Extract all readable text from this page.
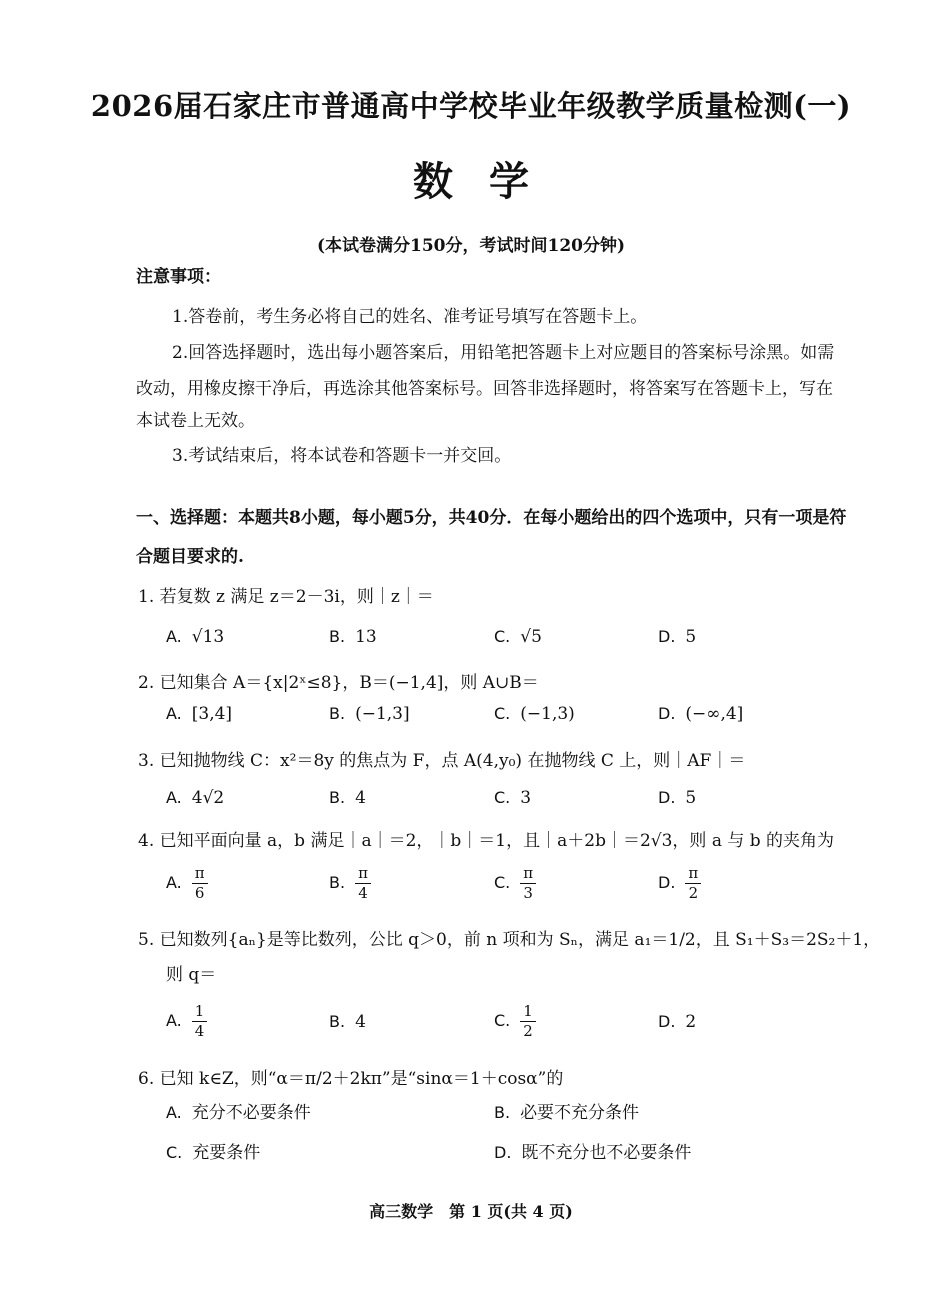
2026届石家庄市普通高中学校毕业年级教学质量检测(一)
数学
(本试卷满分150分，考试时间120分钟)
注意事项：
1.答卷前，考生务必将自己的姓名、准考证号填写在答题卡上。
2.回答选择题时，选出每小题答案后，用铅笔把答题卡上对应题目的答案标号涂黑。如需
改动，用橡皮擦干净后，再选涂其他答案标号。回答非选择题时，将答案写在答题卡上，写在
本试卷上无效。
3.考试结束后，将本试卷和答题卡一并交回。
一、选择题：本题共8小题，每小题5分，共40分．在每小题给出的四个选项中，只有一项是符
合题目要求的.
1. 若复数 z 满足 z＝2－3i，则｜z｜＝
A. √13	B. 13	C. √5	D. 5
2. 已知集合 A＝{x|2ˣ≤8}，B＝(−1,4]，则 A∪B＝
A. [3,4]	B. (−1,3]	C. (−1,3)	D. (−∞,4]
3. 已知抛物线 C：x²＝8y 的焦点为 F，点 A(4,y₀) 在抛物线 C 上，则｜AF｜＝
A. 4√2	B. 4	C. 3	D. 5
4. 已知平面向量 a，b 满足｜a｜＝2，｜b｜＝1，且｜a＋2b｜＝2√3，则 a 与 b 的夹角为
A. $\frac{\pi}{6}$	B. $\frac{\pi}{4}$	C. $\frac{\pi}{3}$	D. $\frac{\pi}{2}$
5. 已知数列{aₙ}是等比数列，公比 q＞0，前 n 项和为 Sₙ，满足 a₁＝1/2，且 S₁＋S₃＝2S₂＋1，
则 q＝
A. $\frac{1}{4}$	B. 4	C. $\frac{1}{2}$	D. 2
6. 已知 k∈Z，则“α＝π/2＋2kπ”是“sinα＝1＋cosα”的
A. 充分不必要条件	B. 必要不充分条件
C. 充要条件	D. 既不充分也不必要条件
高三数学　第 1 页(共 4 页)
